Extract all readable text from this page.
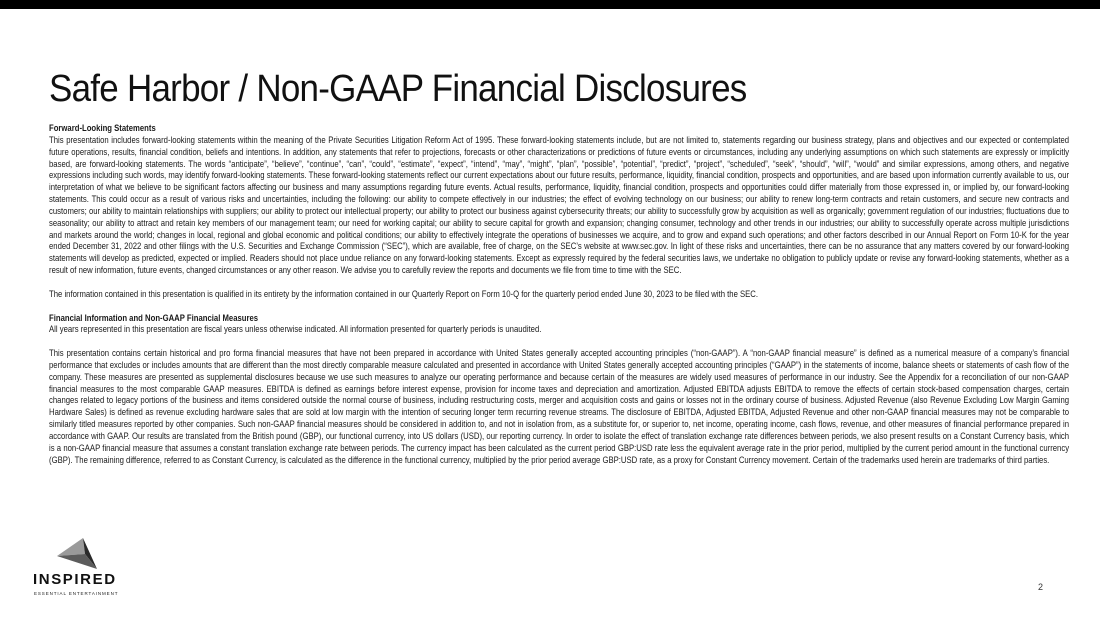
Safe Harbor / Non-GAAP Financial Disclosures

Forward-Looking Statements

This presentation includes forward-looking statements within the meaning of the Private Securities Litigation Reform Act of 1995. These forward-looking statements include, but are not limited to, statements regarding our business strategy, plans and objectives and our expected or contemplated future operations, results, financial condition, beliefs and intentions. In addition, any statements that refer to projections, forecasts or other characterizations or predictions of future events or circumstances, including any underlying assumptions on which such statements are expressly or implicitly based, are forward-looking statements. The words “anticipate”, “believe”, “continue”, “can”, “could”, “estimate”, “expect”, “intend”, “may”, “might”, “plan”, “possible”, “potential”, “predict”, “project”, “scheduled”, “seek”, “should”, “will”, “would” and similar expressions, among others, and negative expressions including such words, may identify forward-looking statements. These forward-looking statements reflect our current expectations about our future results, performance, liquidity, financial condition, prospects and opportunities, and are based upon information currently available to us, our interpretation of what we believe to be significant factors affecting our business and many assumptions regarding future events. Actual results, performance, liquidity, financial condition, prospects and opportunities could differ materially from those expressed in, or implied by, our forward-looking statements. This could occur as a result of various risks and uncertainties, including the following: our ability to compete effectively in our industries; the effect of evolving technology on our business; our ability to renew long-term contracts and retain customers, and secure new contracts and customers; our ability to maintain relationships with suppliers; our ability to protect our intellectual property; our ability to protect our business against cybersecurity threats; our ability to successfully grow by acquisition as well as organically; government regulation of our industries; fluctuations due to seasonality; our ability to attract and retain key members of our management team; our need for working capital; our ability to secure capital for growth and expansion; changing consumer, technology and other trends in our industries; our ability to successfully operate across multiple jurisdictions and markets around the world; changes in local, regional and global economic and political conditions; our ability to effectively integrate the operations of businesses we acquire, and to grow and expand such operations; and other factors described in our Annual Report on Form 10-K for the year ended December 31, 2022 and other filings with the U.S. Securities and Exchange Commission (“SEC”), which are available, free of charge, on the SEC’s website at www.sec.gov. In light of these risks and uncertainties, there can be no assurance that any matters covered by our forward-looking statements will develop as predicted, expected or implied. Readers should not place undue reliance on any forward-looking statements. Except as expressly required by the federal securities laws, we undertake no obligation to publicly update or revise any forward-looking statements, whether as a result of new information, future events, changed circumstances or any other reason. We advise you to carefully review the reports and documents we file from time to time with the SEC.

The information contained in this presentation is qualified in its entirety by the information contained in our Quarterly Report on Form 10-Q for the quarterly period ended June 30, 2023 to be filed with the SEC.

Financial Information and Non-GAAP Financial Measures

All years represented in this presentation are fiscal years unless otherwise indicated. All information presented for quarterly periods is unaudited.

This presentation contains certain historical and pro forma financial measures that have not been prepared in accordance with United States generally accepted accounting principles (“non-GAAP”). A “non-GAAP financial measure” is defined as a numerical measure of a company’s financial performance that excludes or includes amounts that are different than the most directly comparable measure calculated and presented in accordance with United States generally accepted accounting principles (“GAAP”) in the statements of income, balance sheets or statements of cash flow of the company. These measures are presented as supplemental disclosures because we use such measures to analyze our operating performance and because certain of the measures are widely used measures of performance in our industry. See the Appendix for a reconciliation of our non-GAAP financial measures to the most comparable GAAP measures. EBITDA is defined as earnings before interest expense, provision for income taxes and depreciation and amortization. Adjusted EBITDA adjusts EBITDA to remove the effects of certain stock-based compensation charges, certain changes related to legacy portions of the business and items considered outside the normal course of business, including restructuring costs, merger and acquisition costs and gains or losses not in the ordinary course of business. Adjusted Revenue (also Revenue Excluding Low Margin Gaming Hardware Sales) is defined as revenue excluding hardware sales that are sold at low margin with the intention of securing longer term recurring revenue streams. The disclosure of EBITDA, Adjusted EBITDA, Adjusted Revenue and other non-GAAP financial measures may not be comparable to similarly titled measures reported by other companies. Such non-GAAP financial measures should be considered in addition to, and not in isolation from, as a substitute for, or superior to, net income, operating income, cash flows, revenue, and other measures of financial performance prepared in accordance with GAAP. Our results are translated from the British pound (GBP), our functional currency, into US dollars (USD), our reporting currency. In order to isolate the effect of translation exchange rate differences between periods, we also present results on a Constant Currency basis, which is a non-GAAP financial measure that assumes a constant translation exchange rate between periods. The currency impact has been calculated as the current period GBP:USD rate less the equivalent average rate in the prior period, multiplied by the current period amount in the functional currency (GBP). The remaining difference, referred to as Constant Currency, is calculated as the difference in the functional currency, multiplied by the prior period average GBP:USD rate, as a proxy for Constant Currency movement. Certain of the trademarks used herein are trademarks of third parties.

INSPIRED
ESSENTIAL ENTERTAINMENT
2
